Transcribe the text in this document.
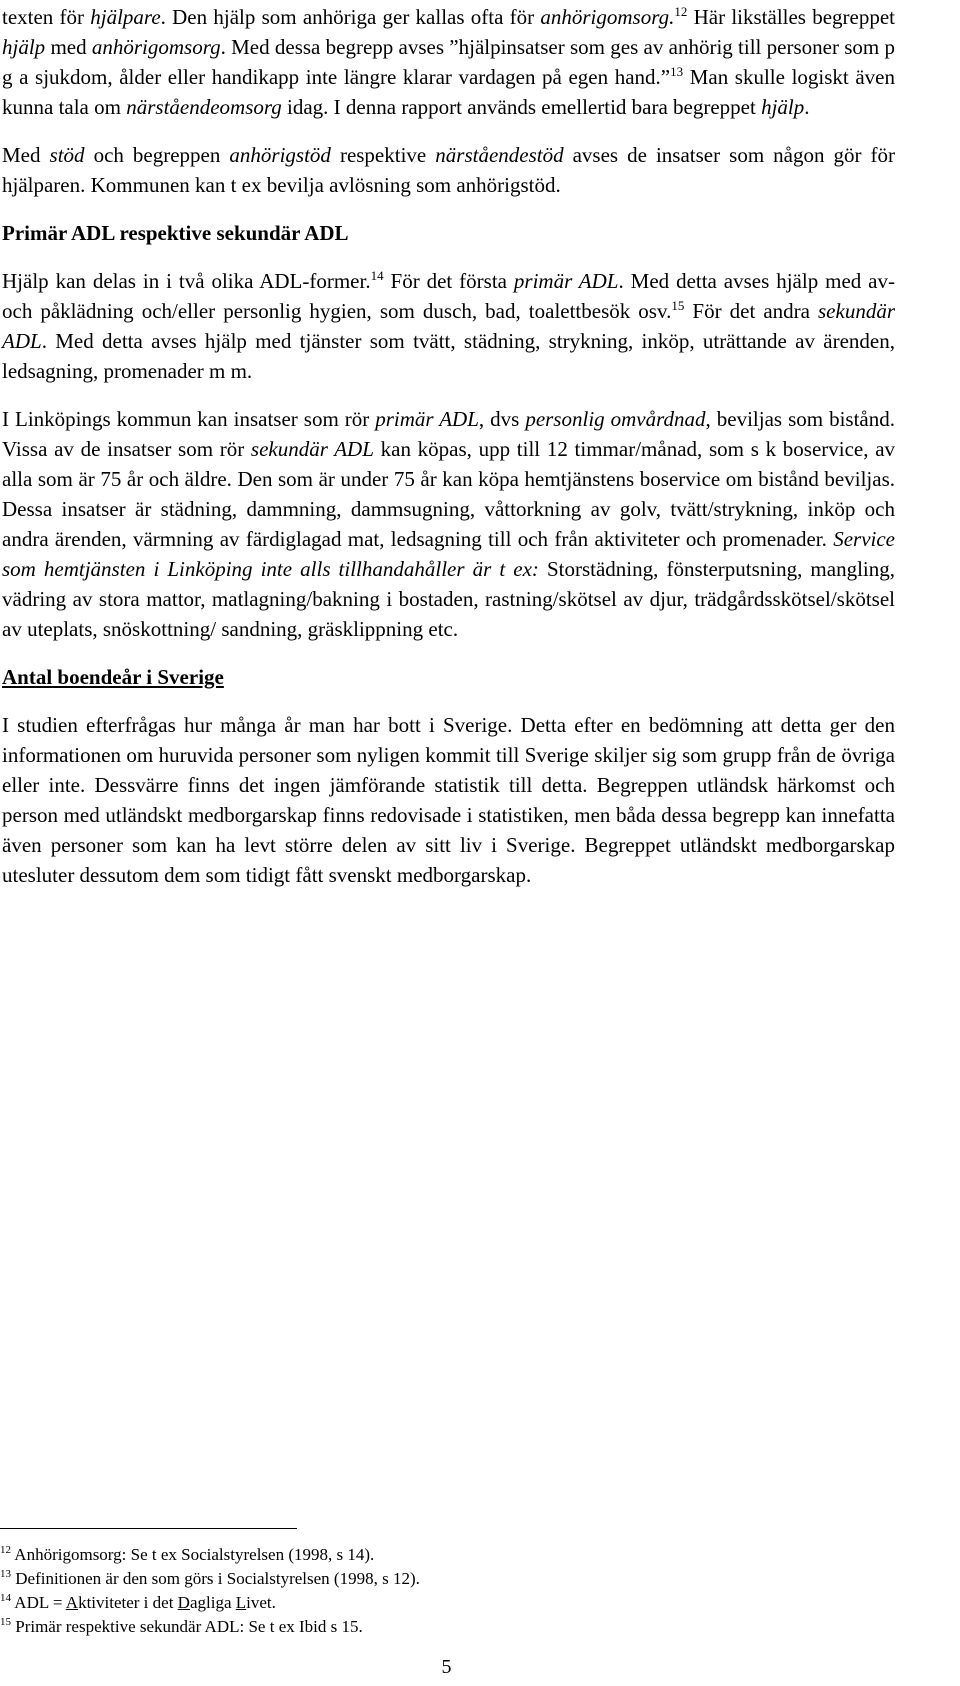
texten för hjälpare. Den hjälp som anhöriga ger kallas ofta för anhörigomsorg.$^{12}$ Här likställes begreppet hjälp med anhörigomsorg. Med dessa begrepp avses ”hjälpinsatser som ges av anhörig till personer som p g a sjukdom, ålder eller handikapp inte längre klarar vardagen på egen hand.”$^{13}$ Man skulle logiskt även kunna tala om närståendeomsorg idag. I denna rapport används emellertid bara begreppet hjälp.

Med stöd och begreppen anhörigstöd respektive närståendestöd avses de insatser som någon gör för hjälparen. Kommunen kan t ex bevilja avlösning som anhörigstöd.

Primär ADL respektive sekundär ADL

Hjälp kan delas in i två olika ADL-former.$^{14}$ För det första primär ADL. Med detta avses hjälp med av- och påklädning och/eller personlig hygien, som dusch, bad, toalettbesök osv.$^{15}$ För det andra sekundär ADL. Med detta avses hjälp med tjänster som tvätt, städning, strykning, inköp, uträttande av ärenden, ledsagning, promenader m m.

I Linköpings kommun kan insatser som rör primär ADL, dvs personlig omvårdnad, beviljas som bistånd. Vissa av de insatser som rör sekundär ADL kan köpas, upp till 12 timmar/månad, som s k boservice, av alla som är 75 år och äldre. Den som är under 75 år kan köpa hemtjänstens boservice om bistånd beviljas. Dessa insatser är städning, dammning, dammsugning, våttorkning av golv, tvätt/strykning, inköp och andra ärenden, värmning av färdiglagad mat, ledsagning till och från aktiviteter och promenader. Service som hemtjänsten i Linköping inte alls tillhandahåller är t ex: Storstädning, fönsterputsning, mangling, vädring av stora mattor, matlagning/bakning i bostaden, rastning/skötsel av djur, trädgårdsskötsel/skötsel av uteplats, snöskottning/ sandning, gräsklippning etc.

Antal boendeår i Sverige

I studien efterfrågas hur många år man har bott i Sverige. Detta efter en bedömning att detta ger den informationen om huruvida personer som nyligen kommit till Sverige skiljer sig som grupp från de övriga eller inte. Dessvärre finns det ingen jämförande statistik till detta. Begreppen utländsk härkomst och person med utländskt medborgarskap finns redovisade i statistiken, men båda dessa begrepp kan innefatta även personer som kan ha levt större delen av sitt liv i Sverige. Begreppet utländskt medborgarskap utesluter dessutom dem som tidigt fått svenskt medborgarskap.

$^{12}$ Anhörigomsorg: Se t ex Socialstyrelsen (1998, s 14).

$^{13}$ Definitionen är den som görs i Socialstyrelsen (1998, s 12).

$^{14}$ ADL = Aktiviteter i det Dagliga Livet.

$^{15}$ Primär respektive sekundär ADL: Se t ex Ibid s 15.

5
